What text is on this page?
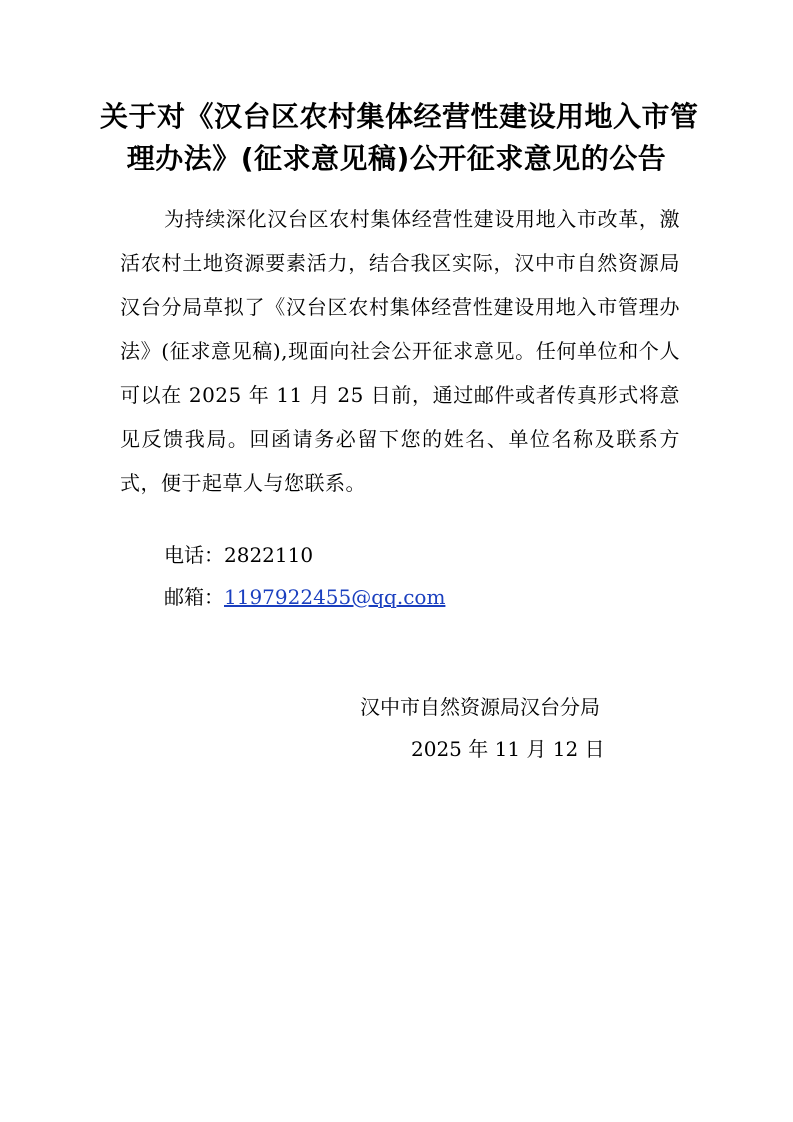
关于对《汉台区农村集体经营性建设用地入市管
理办法》(征求意见稿)公开征求意见的公告

为持续深化汉台区农村集体经营性建设用地入市改革，激活农村土地资源要素活力，结合我区实际，汉中市自然资源局汉台分局草拟了《汉台区农村集体经营性建设用地入市管理办法》(征求意见稿),现面向社会公开征求意见。任何单位和个人可以在 2025 年 11 月 25 日前，通过邮件或者传真形式将意见反馈我局。回函请务必留下您的姓名、单位名称及联系方式，便于起草人与您联系。

电话：2822110
邮箱：1197922455@qq.com
汉中市自然资源局汉台分局
2025 年 11 月 12 日
